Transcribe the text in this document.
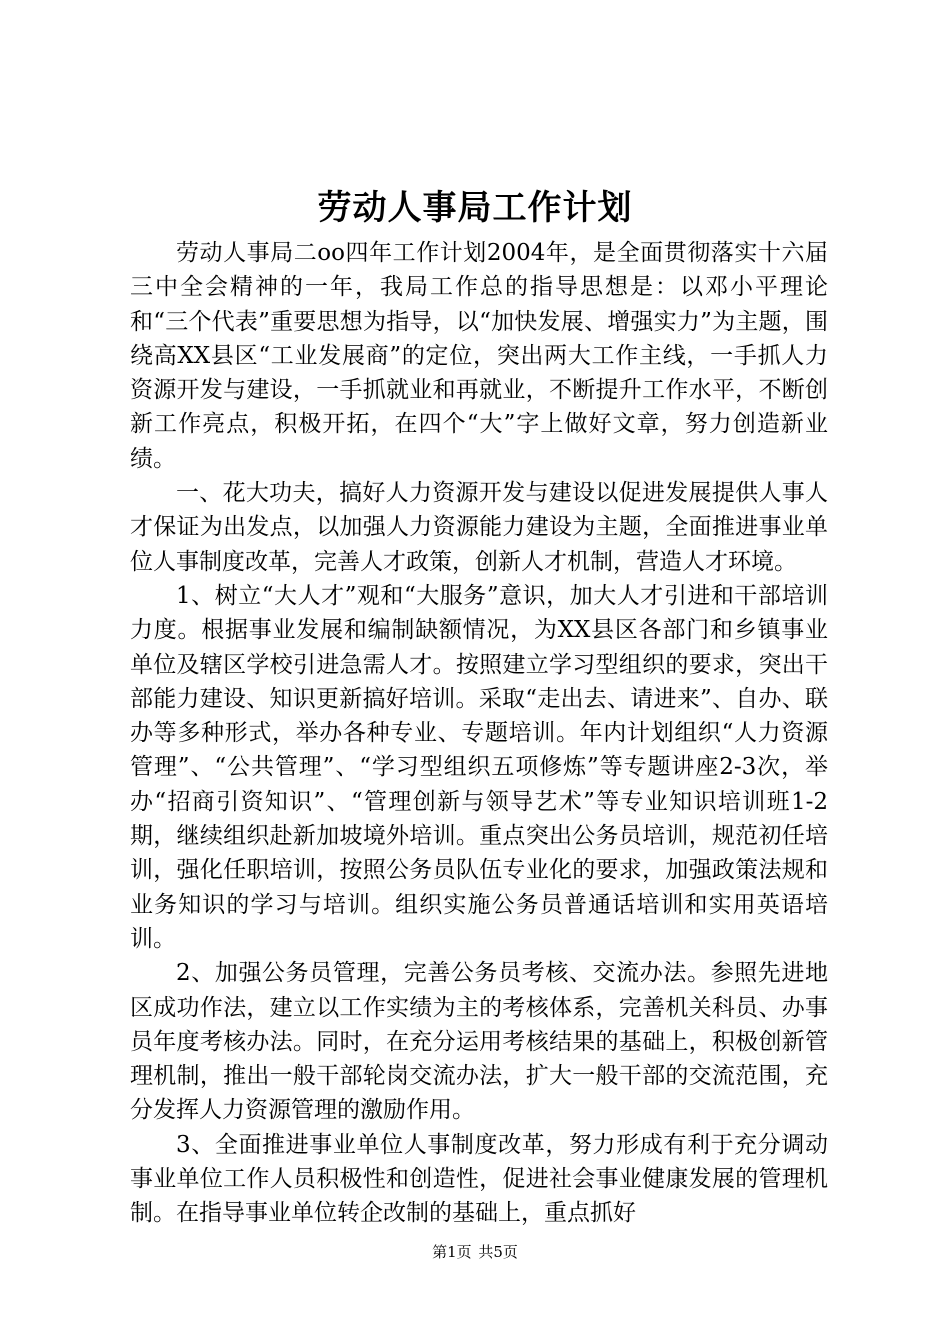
劳动人事局工作计划

劳动人事局二oo四年工作计划2004年，是全面贯彻落实十六届三中全会精神的一年，我局工作总的指导思想是：以邓小平理论和“三个代表”重要思想为指导，以“加快发展、增强实力”为主题，围绕高XX县区“工业发展商”的定位，突出两大工作主线，一手抓人力资源开发与建设，一手抓就业和再就业，不断提升工作水平，不断创新工作亮点，积极开拓，在四个“大”字上做好文章，努力创造新业绩。

一、花大功夫，搞好人力资源开发与建设以促进发展提供人事人才保证为出发点，以加强人力资源能力建设为主题，全面推进事业单位人事制度改革，完善人才政策，创新人才机制，营造人才环境。

1、树立“大人才”观和“大服务”意识，加大人才引进和干部培训力度。根据事业发展和编制缺额情况，为XX县区各部门和乡镇事业单位及辖区学校引进急需人才。按照建立学习型组织的要求，突出干部能力建设、知识更新搞好培训。采取“走出去、请进来”、自办、联办等多种形式，举办各种专业、专题培训。年内计划组织“人力资源管理”、“公共管理”、“学习型组织五项修炼”等专题讲座2-3次，举办“招商引资知识”、“管理创新与领导艺术”等专业知识培训班1-2期，继续组织赴新加坡境外培训。重点突出公务员培训，规范初任培训，强化任职培训，按照公务员队伍专业化的要求，加强政策法规和业务知识的学习与培训。组织实施公务员普通话培训和实用英语培训。

2、加强公务员管理，完善公务员考核、交流办法。参照先进地区成功作法，建立以工作实绩为主的考核体系，完善机关科员、办事员年度考核办法。同时，在充分运用考核结果的基础上，积极创新管理机制，推出一般干部轮岗交流办法，扩大一般干部的交流范围，充分发挥人力资源管理的激励作用。

3、全面推进事业单位人事制度改革，努力形成有利于充分调动事业单位工作人员积极性和创造性，促进社会事业健康发展的管理机制。在指导事业单位转企改制的基础上，重点抓好

第1页 共5页
